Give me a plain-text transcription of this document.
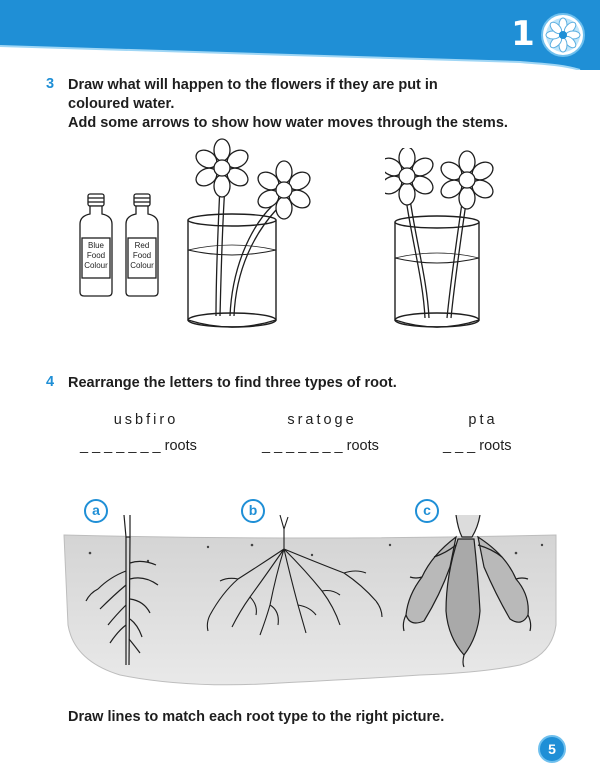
1
3 Draw what will happen to the flowers if they are put in
coloured water.
Add some arrows to show how water moves through the stems.
Blue
Food
Colour
Red
Food
Colour
4 Rearrange the letters to find three types of root.
usbfiro	sratoge	pta
_ _ _ _ _ _ _ roots	_ _ _ _ _ _ _ roots	_ _ _ roots
a	b	c
Draw lines to match each root type to the right picture.
5
